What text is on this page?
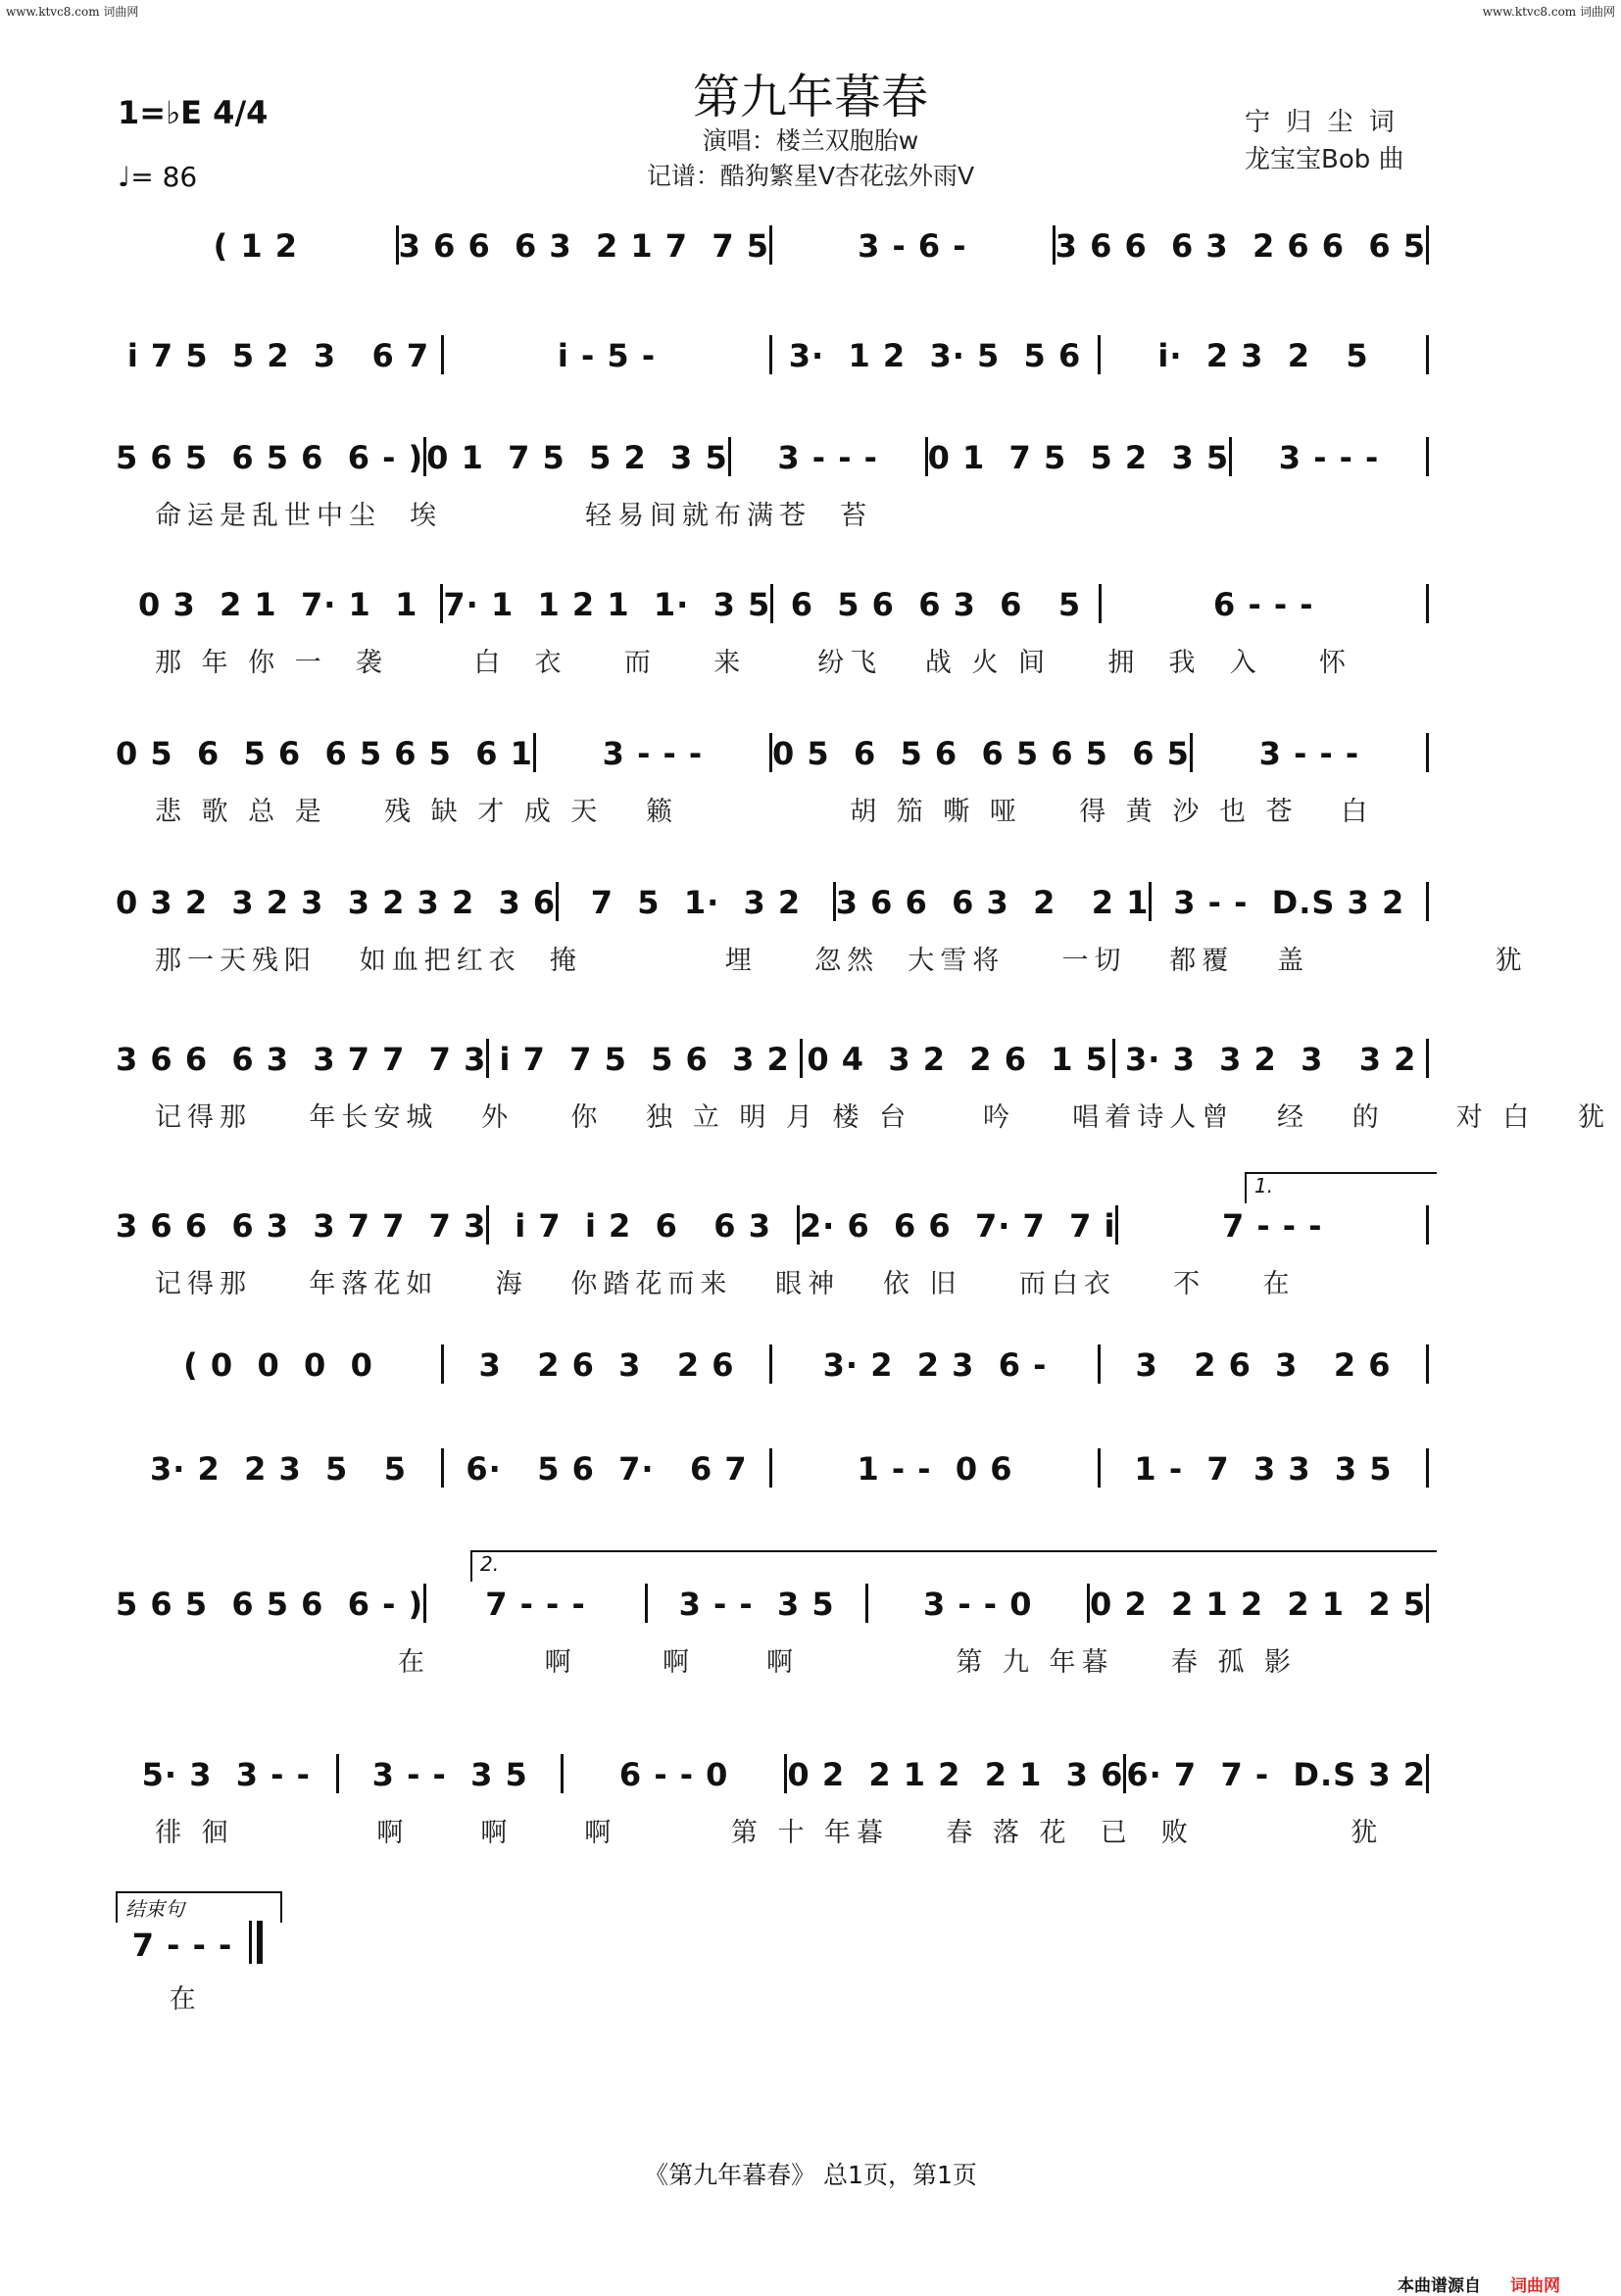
www.ktvc8.com 词曲网	www.ktvc8.com 词曲网
第九年暮春
演唱：楼兰双胞胎w
记谱：酷狗繁星V杏花弦外雨V
宁 归 尘 词
龙宝宝Bob 曲
1=♭E 4/4
♩= 86
( 1 2	3 6 6  6 3  2 1 7  7 5	3 - 6 -	3 6 6  6 3  2 6 6  6 5
i 7 5  5 2  3   6 7	i - 5 -	3·  1 2  3· 5  5 6	i·  2 3  2   5
5 6 5  6 5 6  6 - ) 0 1  7 5  5 2  3 5	3 - - -	0 1  7 5  5 2  3 5	3 - - -
命运是乱世中尘  埃          轻易间就布满苍  苔
0 3  2 1  7· 1  1 7· 1  1 2 1  1·  3 5 6  5 6  6 3  6   5	6 - - -
那 年 你 一  袭      白  衣    而    来     纷飞   战 火 间    拥  我  入    怀
0 5  6  5 6  6 5 6 5  6 1	3 - - -	0 5  6  5 6  6 5 6 5  6 5	3 - - -
悲 歌 总 是    残 缺 才 成 天   籁            胡 笳 嘶 哑    得 黄 沙 也 苍   白
0 3 2  3 2 3  3 2 3 2  3 6	7  5  1·  3 2	3 6 6  6 3  2   2 1 3 - -  D.S 3 2
那一天残阳   如血把红衣  掩          埋    忽然  大雪将    一切   都覆   盖             犹
3 6 6  6 3  3 7 7  7 3 i 7  7 5  5 6  3 2 0 4  3 2  2 6  1 5 3· 3  3 2  3   3 2
记得那    年长安城   外    你   独 立 明 月 楼 台     吟    唱着诗人曾   经   的     对 白   犹
3 6 6  6 3  3 7 7  7 3 i 7  i 2  6   6 3 2· 6  6 6  7· 7  7 i	7 - - -
记得那    年落花如    海   你踏花而来   眼神   依 旧    而白衣    不    在
( 0  0  0  0	3   2 6  3   2 6	3· 2  2 3  6 -	3   2 6  3   2 6
3· 2  2 3  5   5	6·   5 6  7·   6 7	1 - -  0 6	1 -  7  3 3  3 5
5 6 5  6 5 6  6 - )	7 - - -	3 - -  3 5	3 - - 0	0 2  2 1 2  2 1  2 5
在        啊      啊     啊           第 九 年暮    春 孤 影
5· 3  3 - -	3 - -  3 5	6 - - 0	0 2  2 1 2  2 1  3 6 6· 7  7 -  D.S 3 2
徘 徊          啊     啊     啊        第 十 年暮    春 落 花  已  败           犹
7 - - -
在
1.
2.
结束句
《第九年暮春》 总1页，第1页
本曲谱源自 词曲网
